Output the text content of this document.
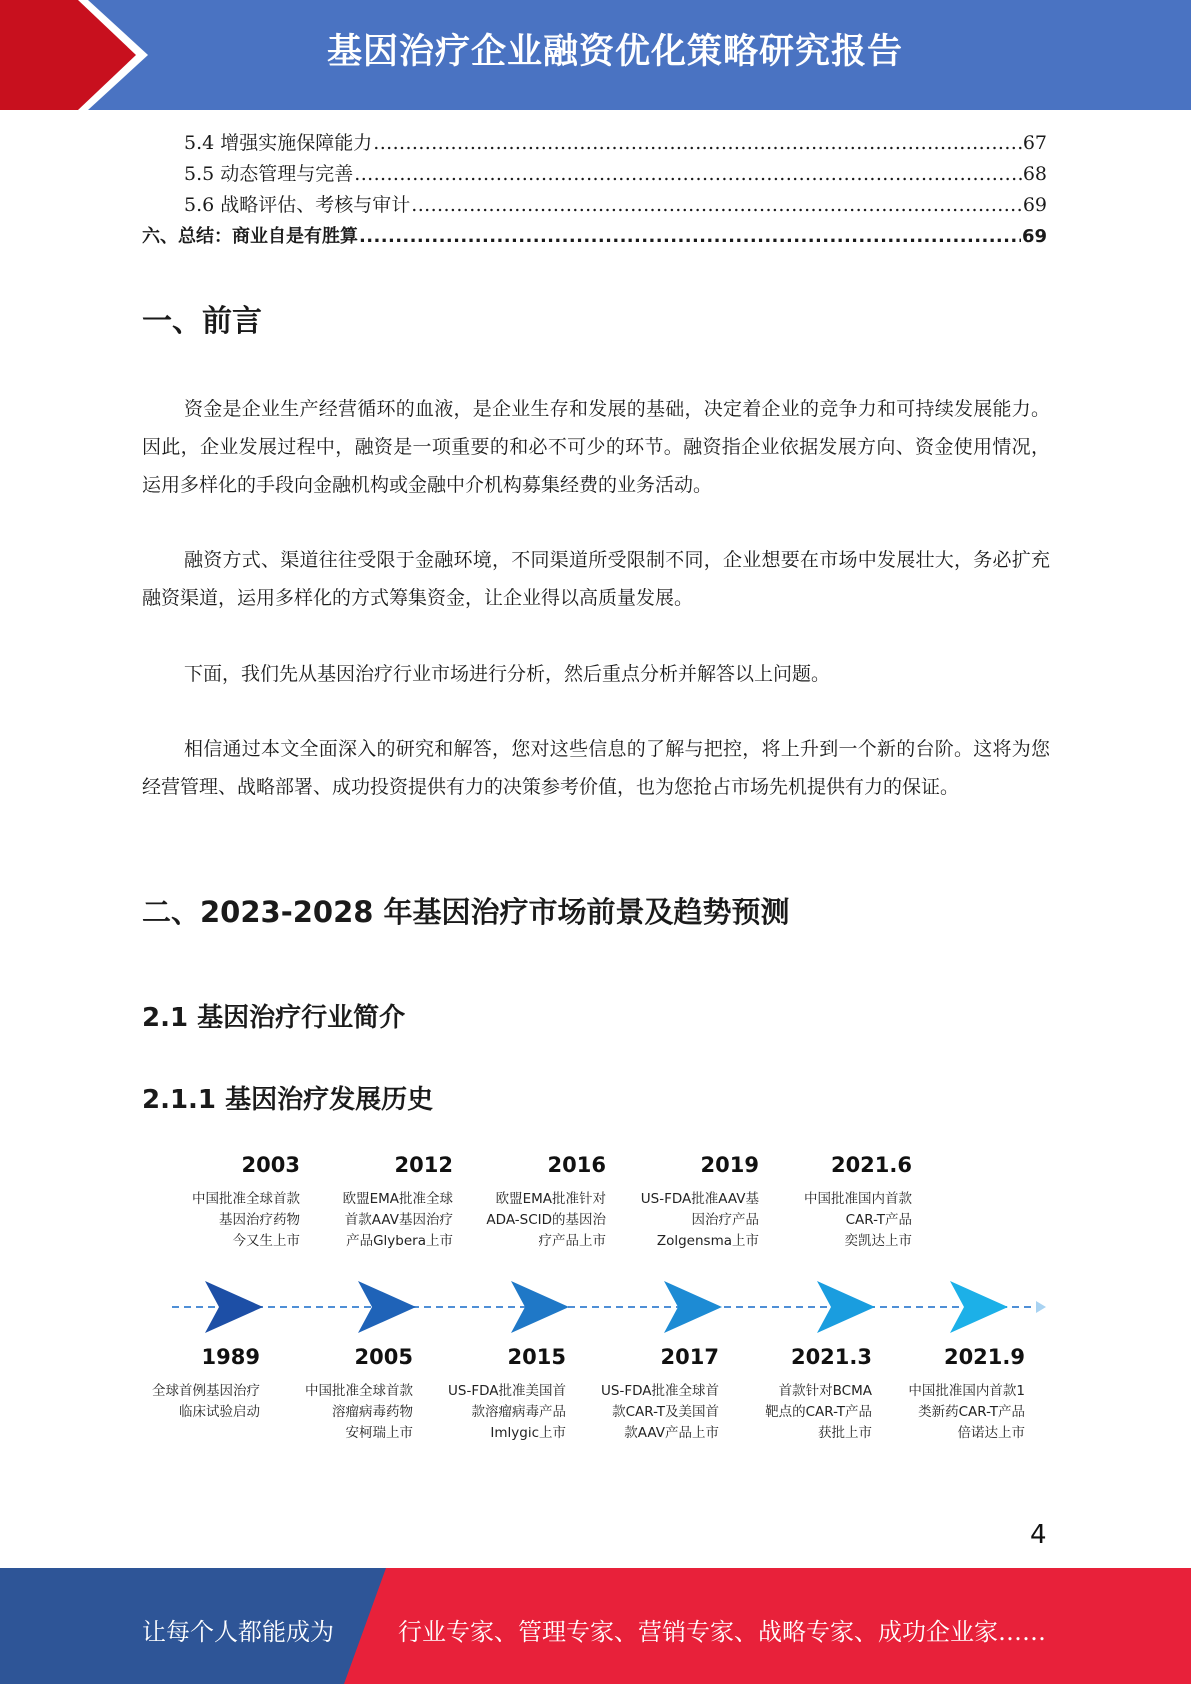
基因治疗企业融资优化策略研究报告
5.4 增强实施保障能力 .....	67
5.5 动态管理与完善 .....	68
5.6 战略评估、考核与审计 .....	69
六、总结：商业自是有胜算 .....	69
一、前言
资金是企业生产经营循环的血液，是企业生存和发展的基础，决定着企业的竞争力和可持续发展能力。因此，企业发展过程中，融资是一项重要的和必不可少的环节。融资指企业依据发展方向、资金使用情况，运用多样化的手段向金融机构或金融中介机构募集经费的业务活动。
融资方式、渠道往往受限于金融环境，不同渠道所受限制不同，企业想要在市场中发展壮大，务必扩充融资渠道，运用多样化的方式筹集资金，让企业得以高质量发展。
下面，我们先从基因治疗行业市场进行分析，然后重点分析并解答以上问题。
相信通过本文全面深入的研究和解答，您对这些信息的了解与把控，将上升到一个新的台阶。这将为您经营管理、战略部署、成功投资提供有力的决策参考价值，也为您抢占市场先机提供有力的保证。
二、2023-2028 年基因治疗市场前景及趋势预测
2.1 基因治疗行业简介
2.1.1 基因治疗发展历史
2003
中国批准全球首款
基因治疗药物
今又生上市
2012
欧盟EMA批准全球
首款AAV基因治疗
产品Glybera上市
2016
欧盟EMA批准针对
ADA-SCID的基因治
疗产品上市
2019
US-FDA批准AAV基
因治疗产品
Zolgensma上市
2021.6
中国批准国内首款
CAR-T产品
奕凯达上市
1989
全球首例基因治疗
临床试验启动
2005
中国批准全球首款
溶瘤病毒药物
安柯瑞上市
2015
US-FDA批准美国首
款溶瘤病毒产品
Imlygic上市
2017
US-FDA批准全球首
款CAR-T及美国首
款AAV产品上市
2021.3
首款针对BCMA
靶点的CAR-T产品
获批上市
2021.9
中国批准国内首款1
类新药CAR-T产品
倍诺达上市
4
让每个人都能成为	行业专家、管理专家、营销专家、战略专家、成功企业家……
